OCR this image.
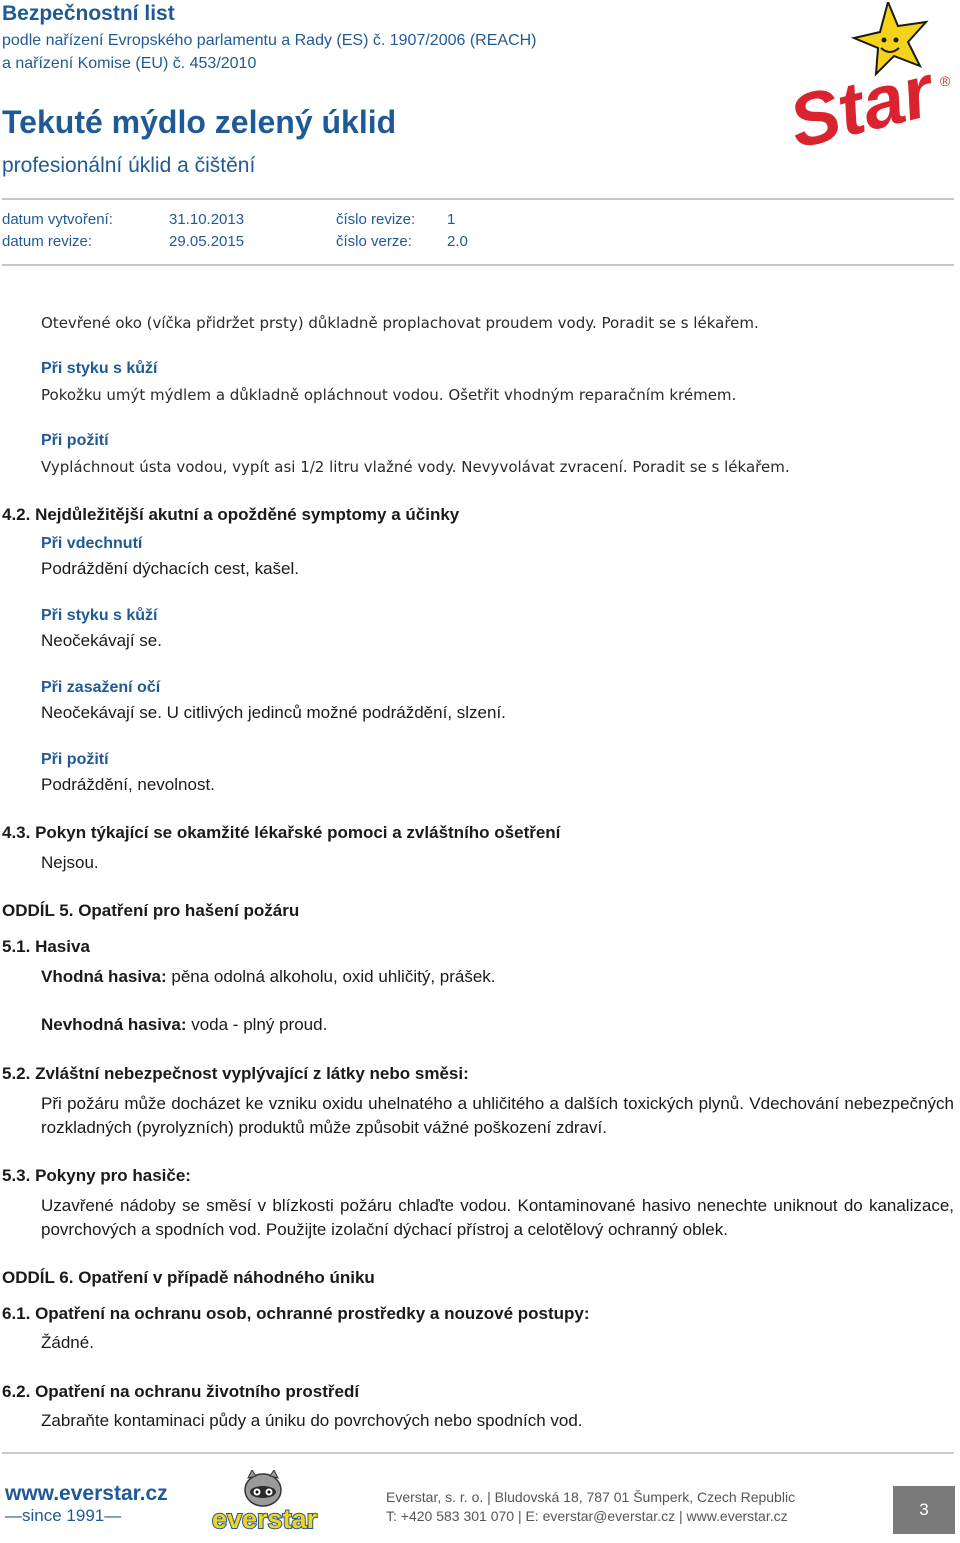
Bezpečnostní list
podle nařízení Evropského parlamentu a Rady (ES) č. 1907/2006 (REACH)
a nařízení Komise (EU) č. 453/2010
Tekuté mýdlo zelený úklid
profesionální úklid a čištění
datum vytvoření:	31.10.2013	číslo revize: 1
datum revize:	29.05.2015	číslo verze: 2.0
Star ®
Otevřené oko (víčka přidržet prsty) důkladně proplachovat proudem vody. Poradit se s lékařem.
Při styku s kůží
Pokožku umýt mýdlem a důkladně opláchnout vodou. Ošetřit vhodným reparačním krémem.
Při požití
Vypláchnout ústa vodou, vypít asi 1/2 litru vlažné vody. Nevyvolávat zvracení. Poradit se s lékařem.
4.2. Nejdůležitější akutní a opožděné symptomy a účinky
Při vdechnutí
Podráždění dýchacích cest, kašel.
Při styku s kůží
Neočekávají se.
Při zasažení očí
Neočekávají se. U citlivých jedinců možné podráždění, slzení.
Při požití
Podráždění, nevolnost.
4.3. Pokyn týkající se okamžité lékařské pomoci a zvláštního ošetření
Nejsou.
ODDÍL 5. Opatření pro hašení požáru
5.1. Hasiva
Vhodná hasiva: pěna odolná alkoholu, oxid uhličitý, prášek.
Nevhodná hasiva: voda - plný proud.
5.2. Zvláštní nebezpečnost vyplývající z látky nebo směsi:
Při požáru může docházet ke vzniku oxidu uhelnatého a uhličitého a dalších toxických plynů. Vdechování nebezpečných rozkladných (pyrolyzních) produktů může způsobit vážné poškození zdraví.
5.3. Pokyny pro hasiče:
Uzavřené nádoby se směsí v blízkosti požáru chlaďte vodou. Kontaminované hasivo nenechte uniknout do kanalizace, povrchových a spodních vod. Použijte izolační dýchací přístroj a celotělový ochranný oblek.
ODDÍL 6. Opatření v případě náhodného úniku
6.1. Opatření na ochranu osob, ochranné prostředky a nouzové postupy:
Žádné.
6.2. Opatření na ochranu životního prostředí
Zabraňte kontaminaci půdy a úniku do povrchových nebo spodních vod.
www.everstar.cz
—since 1991—	everstar
Everstar, s. r. o. | Bludovská 18, 787 01 Šumperk, Czech Republic
T: +420 583 301 070 | E: everstar@everstar.cz | www.everstar.cz	3
